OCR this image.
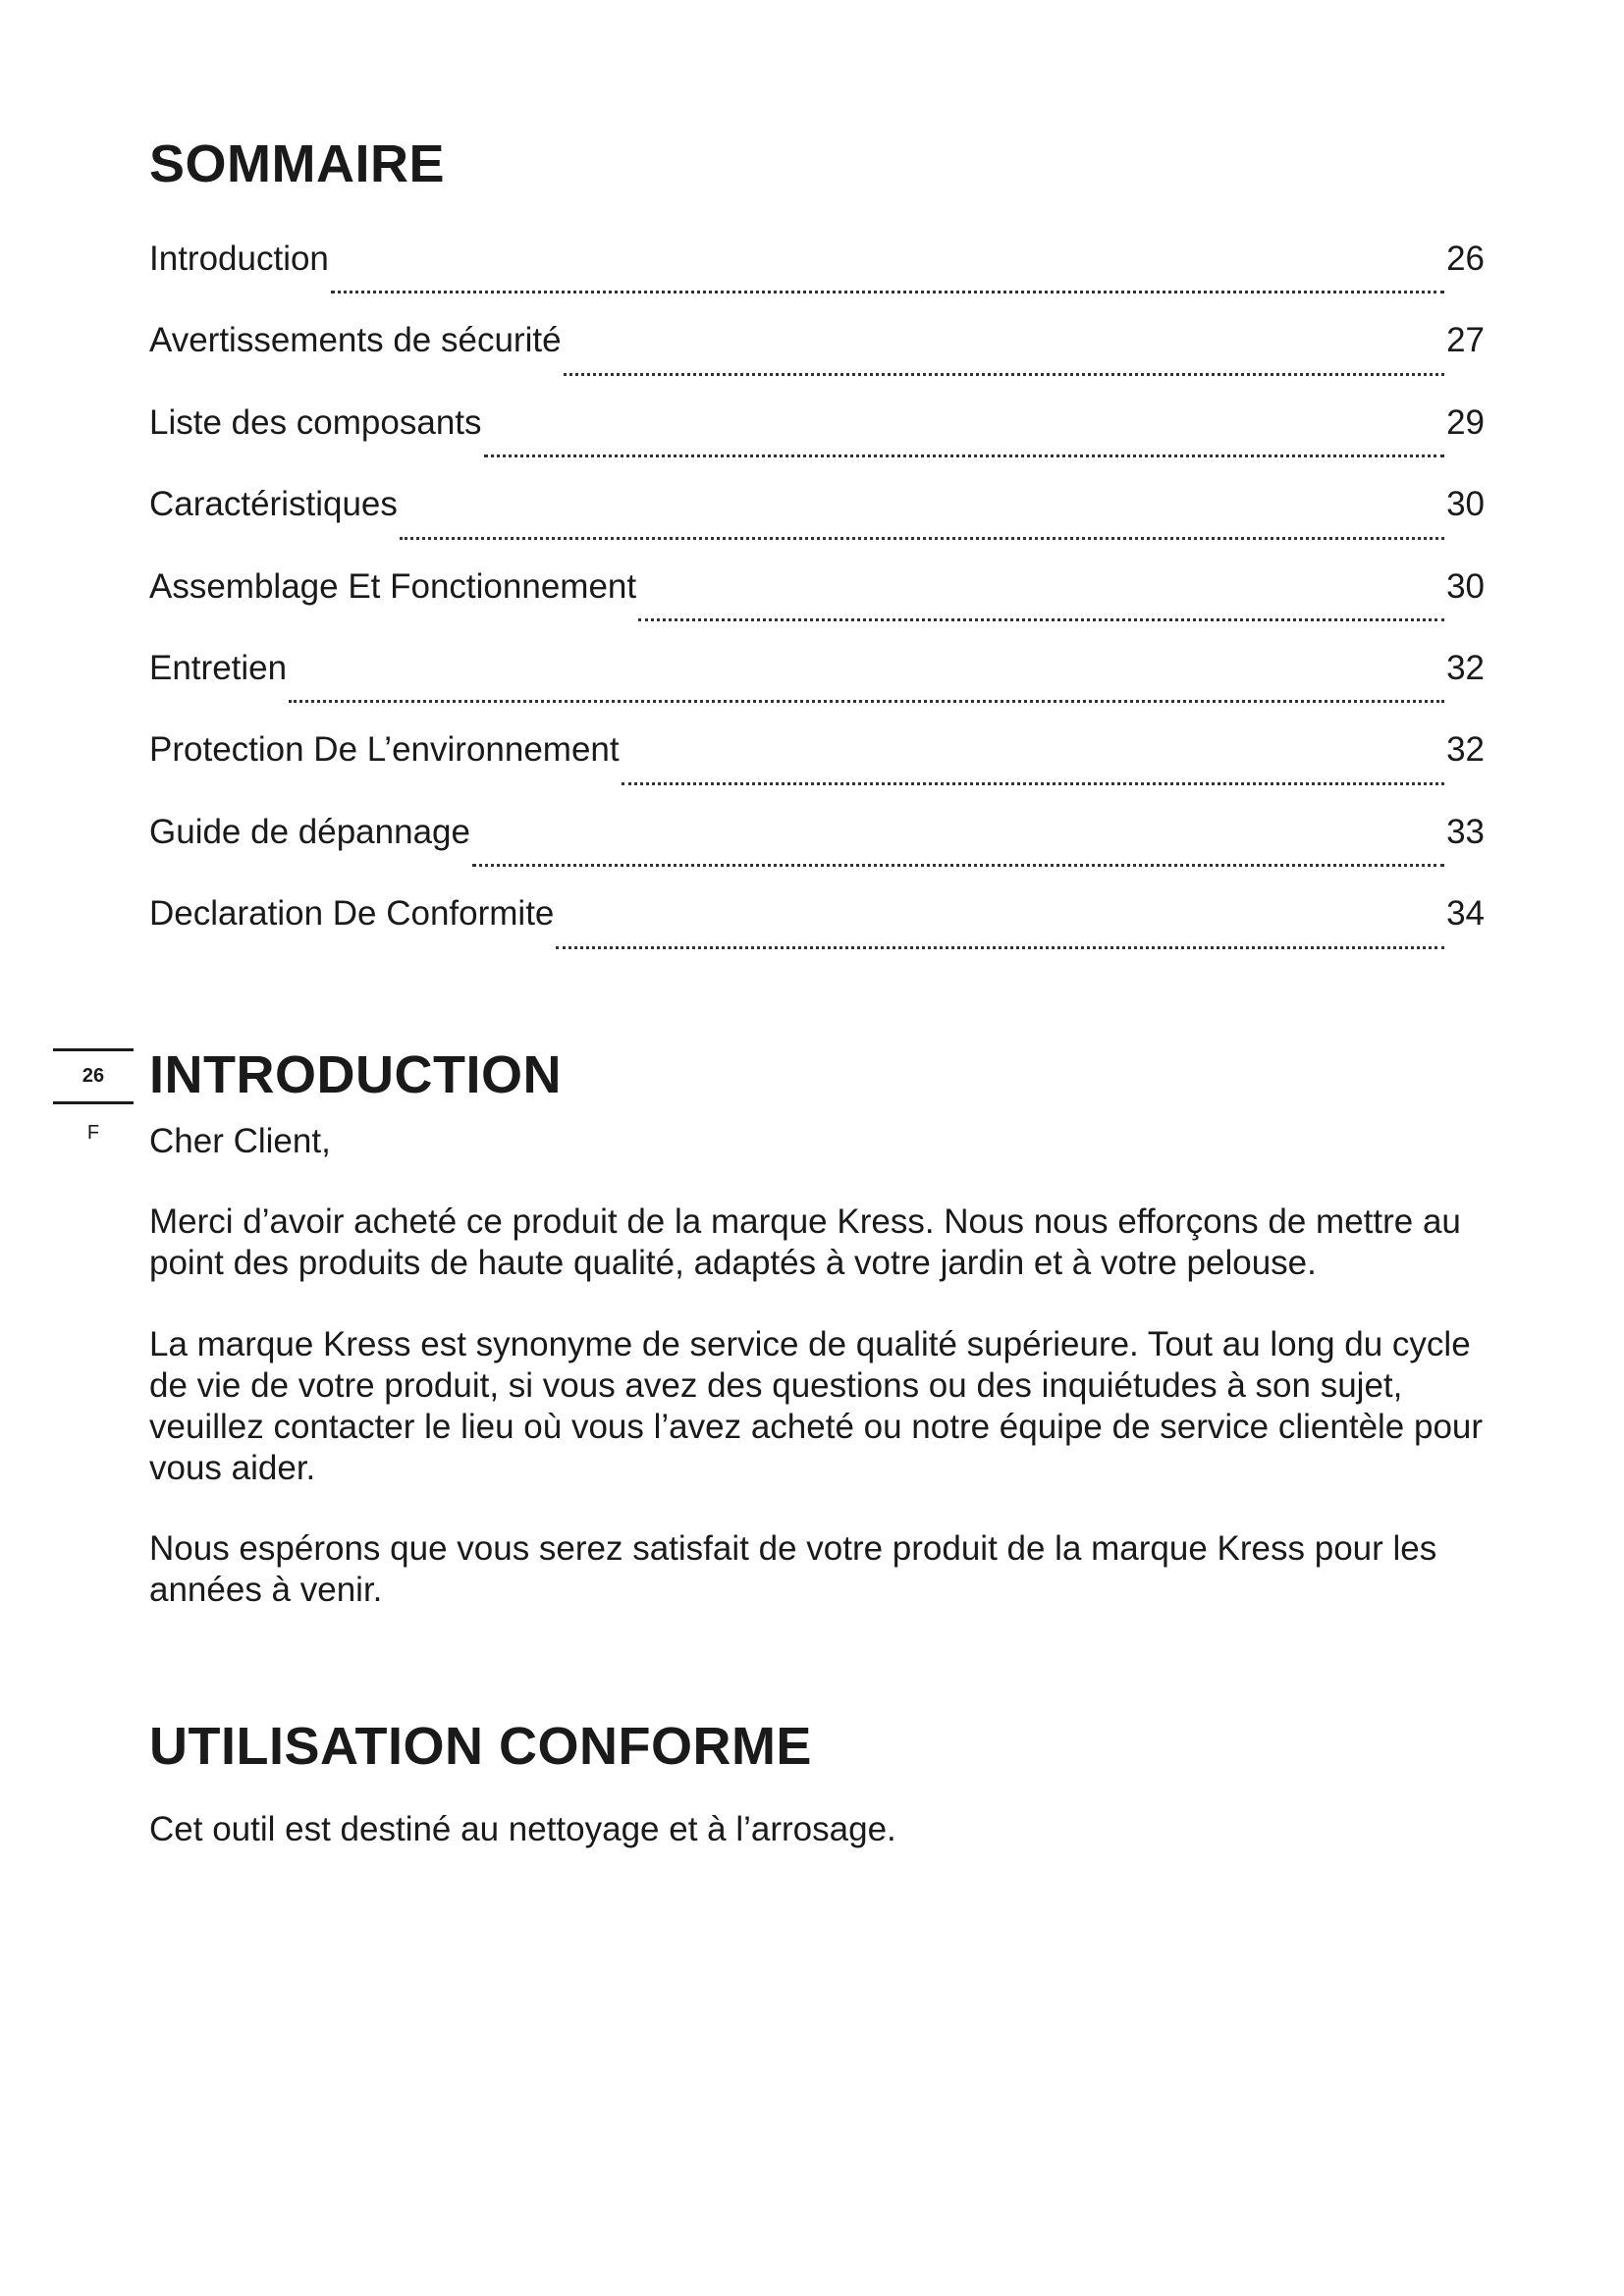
26
F
SOMMAIRE
Introduction	26
Avertissements de sécurité	27
Liste des composants	29
Caractéristiques	30
Assemblage Et Fonctionnement	30
Entretien	32
Protection De L’environnement	32
Guide de dépannage	33
Declaration De Conformite	34
INTRODUCTION

Cher Client,

Merci d’avoir acheté ce produit de la marque Kress. Nous nous efforçons de mettre au point des produits de haute qualité, adaptés à votre jardin et à votre pelouse.

La marque Kress est synonyme de service de qualité supérieure. Tout au long du cycle de vie de votre produit, si vous avez des questions ou des inquiétudes à son sujet, veuillez contacter le lieu où vous l’avez acheté ou notre équipe de service clientèle pour vous aider.

Nous espérons que vous serez satisfait de votre produit de la marque Kress pour les années à venir.

UTILISATION CONFORME

Cet outil est destiné au nettoyage et à l’arrosage.
